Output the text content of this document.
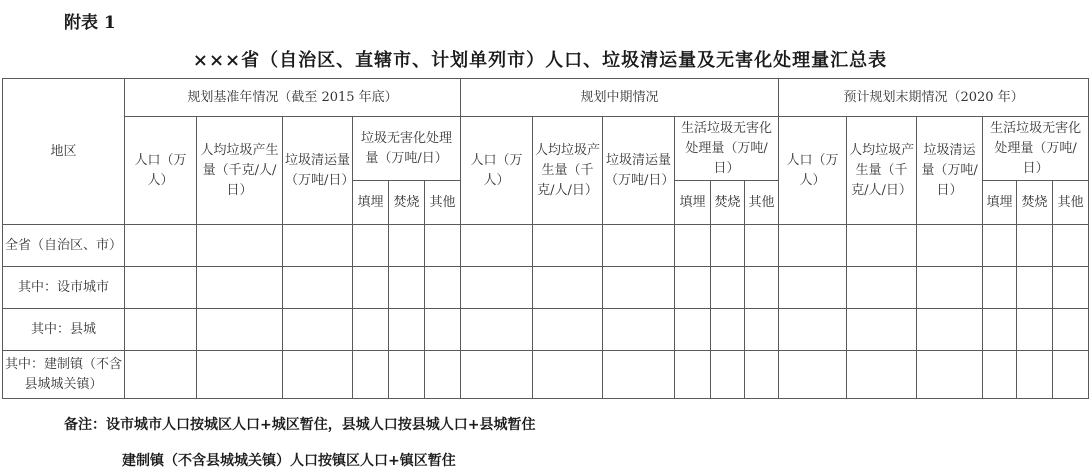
附表 1
×××省（自治区、直辖市、计划单列市）人口、垃圾清运量及无害化处理量汇总表
地区	规划基准年情况（截至 2015 年底）						规划中期情况						预计规划末期情况（2020 年）					
	人口（万人）	人均垃圾产生量（千克/人/日）	垃圾清运量（万吨/日）	垃圾无害化处理量（万吨/日）			人口（万人）	人均垃圾产生量（千克/人/日）	垃圾清运量（万吨/日）	生活垃圾无害化处理量（万吨/日）			人口（万人）	人均垃圾产生量（千克/人/日）	垃圾清运量（万吨/日）	生活垃圾无害化处理量（万吨/日）		
				填埋	焚烧	其他				填埋	焚烧	其他				填埋	焚烧	其他
全省（自治区、市）																		
其中：设市城市																		
其中：县城																		
其中：建制镇（不含县城城关镇）																		
备注：设市城市人口按城区人口+城区暂住，县城人口按县城人口+县城暂住
建制镇（不含县城城关镇）人口按镇区人口+镇区暂住
